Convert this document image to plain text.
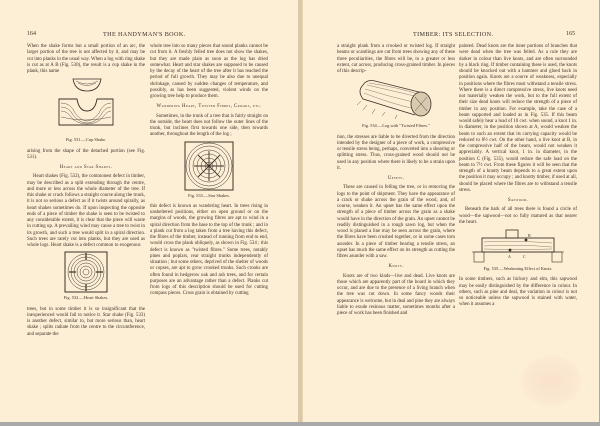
164	THE HANDYMAN'S BOOK.

When the shake forms but a small portion of an arc, the larger portion of the tree is not affected by it, and may be cut into planks in the usual way. When a log with ring shake is cut as at A B (Fig. 530), the result is a cup shake in the plank, this name

Fig. 531.—Cup Shake.

arising from the shape of the detached portion (see Fig. 531).

Heart and Star Shakes.

Heart shakes (Fig. 532), the commonest defect in timber, may be described as a split extending through the centre, and more or less across the whole diameter of the tree. If this shake or crack follows a straight course along the trunk, it is not so serious a defect as if it twists around spirally, as heart shakes sometimes do. If upon inspecting the opposite ends of a piece of timber the shake is seen to be twisted to any considerable extent, it is clear that the piece will waste in cutting up. A prevailing wind may cause a tree to twist in its growth, and such a tree would split in a spiral direction. Such trees are rarely cut into planks, but they are used as whole logs. Heart shake is a defect common to exogenous

Fig. 532.—Heart Shakes.

trees, but in some timber it is so insignificant that the inexperienced would fail to notice it. Star shake (Fig. 533) is another defect, similar to, but more serious than, heart shake ; splits radiate from the centre to the circumference, and separate the

whole tree into so many pieces that sound planks cannot be cut from it. A freshly felled tree does not show the shakes, but they are made plain as soon as the log has dried somewhat. Heart and star shakes are supposed to be caused by the decay of the heart of the tree after it has reached the period of full growth. They may be also due to unequal shrinkage, caused by sudden changes of temperature, and possibly, as has been suggested, violent winds on the growing tree help to produce them.

Wandering Heart, Twisted Fibres, Crooks, etc.

Sometimes, in the trunk of a tree that is fairly straight on the outside, the heart does not follow the outer lines of the trunk, but inclines first towards one side, then towards another, throughout the length of the log ;

Fig. 533.—Star Shakes.

this defect is known as wandering heart. In trees rising in unsheltered positions, either on open ground or on the margins of woods, the growing fibres are apt to wind in a spiral direction from the base to the top of the trunk ; and in a plank cut from a log taken from a tree having this defect, the fibres of the timber, instead of running from end to end, would cross the plank obliquely, as shown in Fig. 534 ; this defect is known as "twisted fibres." Some trees, notably pines and poplars, rear straight trunks independently of situation ; but some others, deprived of the shelter of woods or copses, are apt to grow crooked trunks. Such crooks are often found in hedgerow oak and ash trees, and for certain purposes are an advantage rather than a defect. Planks cut from logs of this description should be used for cutting compass pieces. Cross grain is obtained by cutting

TIMBER: ITS SELECTION.	165

a straight plank from a crooked or twisted log. If straight beams or scantlings are cut from trees showing any of these three peculiarities, the fibres will be, to a greater or less extent, cut across, producing cross-grained timber. In pieces of this descrip-

Fig. 534.—Log with "Twisted Fibres."

tion, the stresses are liable to be diverted from the direction intended by the designer of a piece of work, a compressive or tensile stress being, perhaps, converted into a shearing or splitting stress. Thus, cross-grained wood should not be used in any position where there is likely to be a strain upon it.

Upsets.

These are caused in felling the tree, or in removing the logs to the point of shipment. They have the appearance of a crack or shake across the grain of the wood, and, of course, weaken it. An upset has the same effect upon the strength of a piece of timber across the grain as a shake would have in the direction of the grain. An upset cannot be readily distinguished in a rough sawn log, but when the wood is planed a line may be seen across the grain, where the fibres have been crushed together, or in some cases torn asunder. In a piece of timber bearing a tensile stress, an upset has much the same effect on its strength as cutting the fibres asunder with a saw.

Knots.

Knots are of two kinds—live and dead. Live knots are those which are apparently part of the board in which they occur, and are due to the presence of a living branch when the tree was cut down. In some fancy woods their appearance is welcome, but in deal and pine they are always liable to exude resinous matter, sometimes months after a piece of work has been finished and

painted. Dead knots are the inner portions of branches that were dead when the tree was felled. As a rule they are darker in colour than live knots, and are often surrounded by a black ring. If timber containing these is used, the knots should be knocked out with a hammer and glued back in position again. Knots are a source of weakness, especially in positions where the fibres must withstand a tensile stress. Where there is a direct compressive stress, live knots need not materially weaken the work, but to the full extent of their size dead knots will reduce the strength of a piece of timber in any position. For example, take the case of a beam supported and loaded as in Fig. 535. If this beam would safely bear a load of 10 cwt. when sound, a knot 1 in. in diameter, in the position shown at A, would weaken the beam to such an extent that its carrying capacity would be reduced to 8½ cwt. On the other hand, a live knot at B, in the compressive half of the beam, would not weaken it appreciably. A vertical knot, 1 in. in diameter, in the position C (Fig. 535), would reduce the safe load on the beam to 7½ cwt. From these figures it will be seen that the strength of a knotty beam depends to a great extent upon the position it may occupy ; and knotty timber, if used at all, should be placed where the fibres are to withstand a tensile stress.

Sapwood.

Beneath the bark of all trees there is found a circle of wood—the sapwood—not so fully matured as that nearer the heart.

A	C
B
Fig. 535.—Weakening Effect of Knots.

In some timbers, such as hickory and elm, this sapwood may be easily distinguished by the difference in colour. In others, such as pine and deal, the variation in colour is not so noticeable unless the sapwood is stained with water, when it assumes a
